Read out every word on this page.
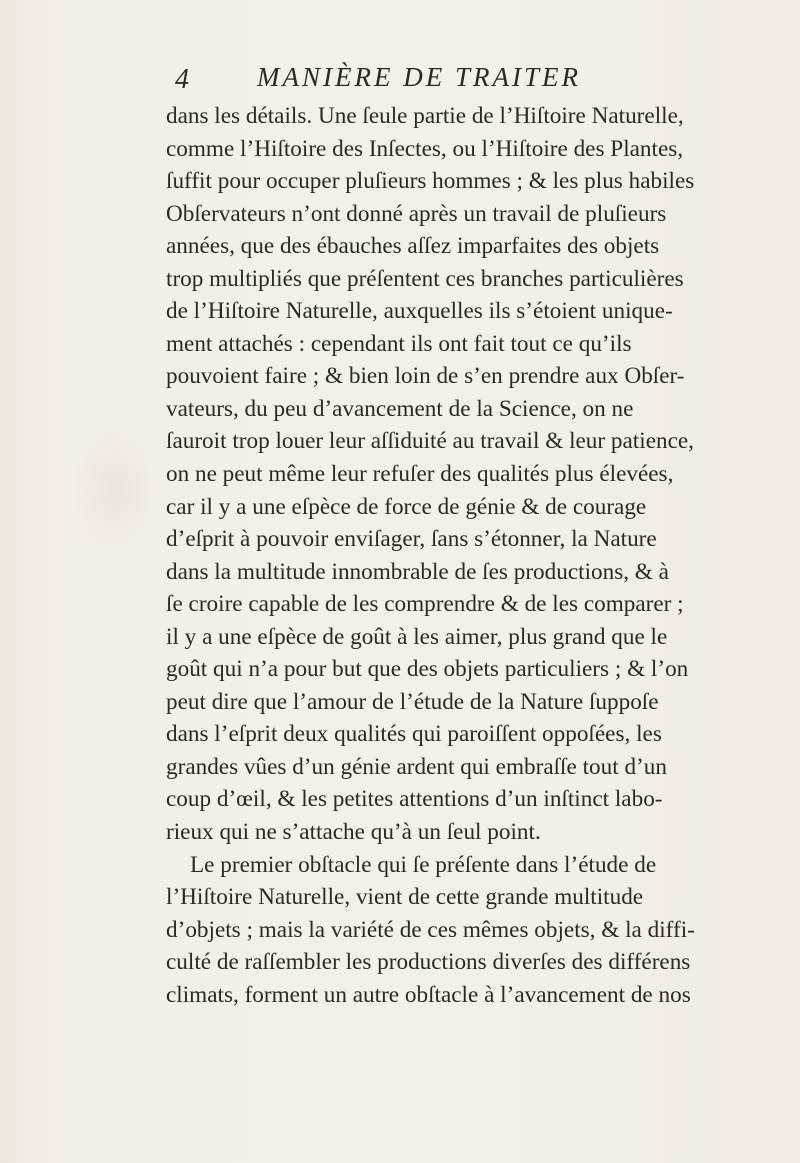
4	MANIÈRE DE TRAITER
dans les détails. Une ſeule partie de l’Hiſtoire Naturelle,
comme l’Hiſtoire des Inſectes, ou l’Hiſtoire des Plantes,
ſuffit pour occuper pluſieurs hommes ; & les plus habiles
Obſervateurs n’ont donné après un travail de pluſieurs
années, que des ébauches aſſez imparfaites des objets
trop multipliés que préſentent ces branches particulières
de l’Hiſtoire Naturelle, auxquelles ils s’étoient unique-
ment attachés : cependant ils ont fait tout ce qu’ils
pouvoient faire ; & bien loin de s’en prendre aux Obſer-
vateurs, du peu d’avancement de la Science, on ne
ſauroit trop louer leur aſſiduité au travail & leur patience,
on ne peut même leur refuſer des qualités plus élevées,
car il y a une eſpèce de force de génie & de courage
d’eſprit à pouvoir enviſager, ſans s’étonner, la Nature
dans la multitude innombrable de ſes productions, & à
ſe croire capable de les comprendre & de les comparer ;
il y a une eſpèce de goût à les aimer, plus grand que le
goût qui n’a pour but que des objets particuliers ; & l’on
peut dire que l’amour de l’étude de la Nature ſuppoſe
dans l’eſprit deux qualités qui paroiſſent oppoſées, les
grandes vûes d’un génie ardent qui embraſſe tout d’un
coup d’œil, & les petites attentions d’un inſtinct labo-
rieux qui ne s’attache qu’à un ſeul point.
Le premier obſtacle qui ſe préſente dans l’étude de
l’Hiſtoire Naturelle, vient de cette grande multitude
d’objets ; mais la variété de ces mêmes objets, & la diffi-
culté de raſſembler les productions diverſes des différens
climats, forment un autre obſtacle à l’avancement de nos
